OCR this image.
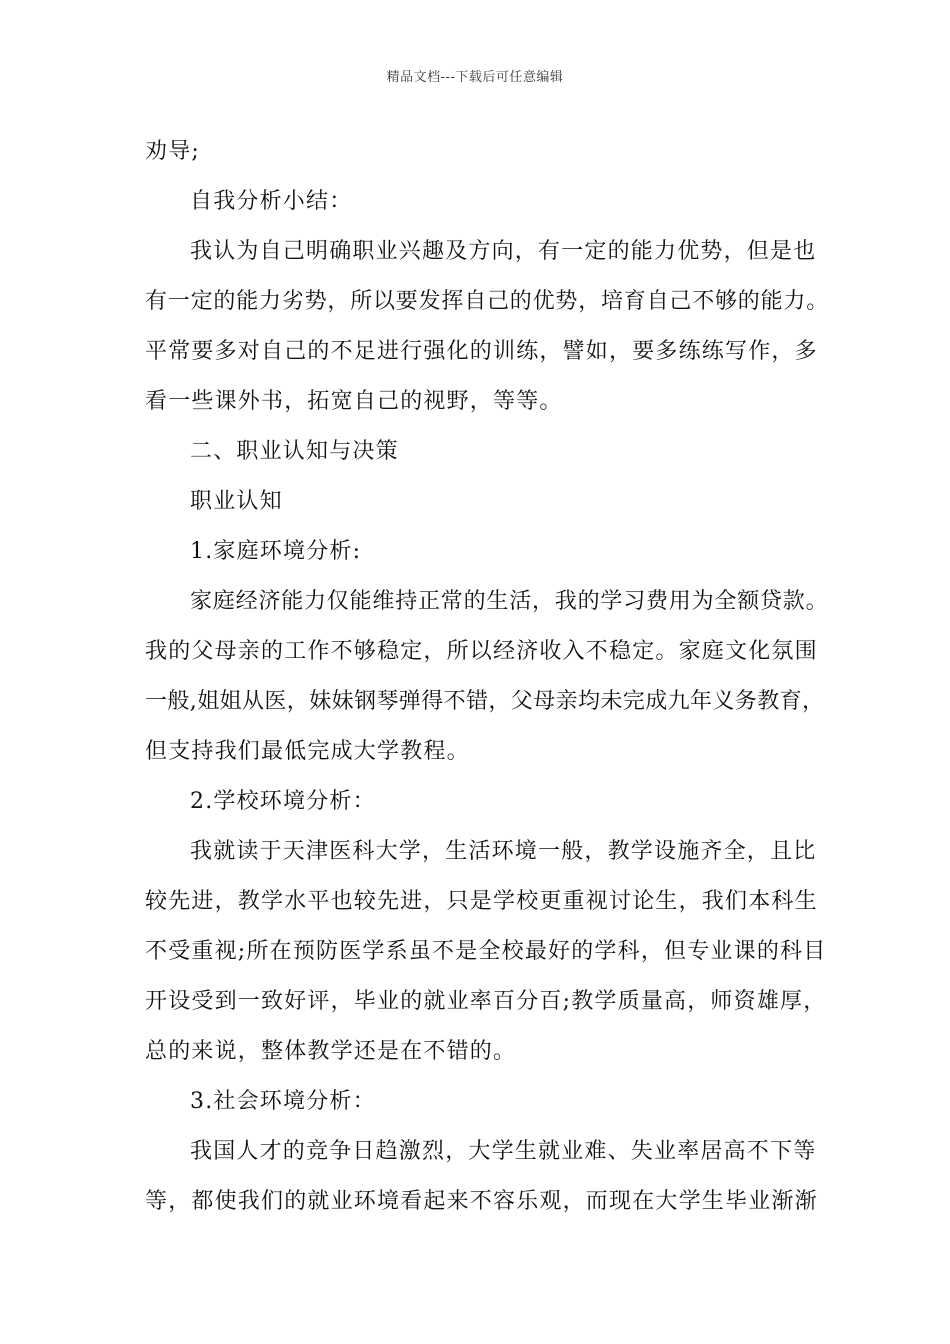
精品文档---下载后可任意编辑
劝导;
自我分析小结：
我认为自己明确职业兴趣及方向，有一定的能力优势，但是也
有一定的能力劣势，所以要发挥自己的优势，培育自己不够的能力。
平常要多对自己的不足进行强化的训练，譬如，要多练练写作，多
看一些课外书，拓宽自己的视野，等等。
二、职业认知与决策
职业认知
1.家庭环境分析:
家庭经济能力仅能维持正常的生活，我的学习费用为全额贷款。
我的父母亲的工作不够稳定，所以经济收入不稳定。家庭文化氛围
一般,姐姐从医，妹妹钢琴弹得不错，父母亲均未完成九年义务教育，
但支持我们最低完成大学教程。
2.学校环境分析：
我就读于天津医科大学，生活环境一般，教学设施齐全，且比
较先进，教学水平也较先进，只是学校更重视讨论生，我们本科生
不受重视;所在预防医学系虽不是全校最好的学科，但专业课的科目
开设受到一致好评，毕业的就业率百分百;教学质量高，师资雄厚，
总的来说，整体教学还是在不错的。
3.社会环境分析：
我国人才的竞争日趋激烈，大学生就业难、失业率居高不下等
等，都使我们的就业环境看起来不容乐观，而现在大学生毕业渐渐
